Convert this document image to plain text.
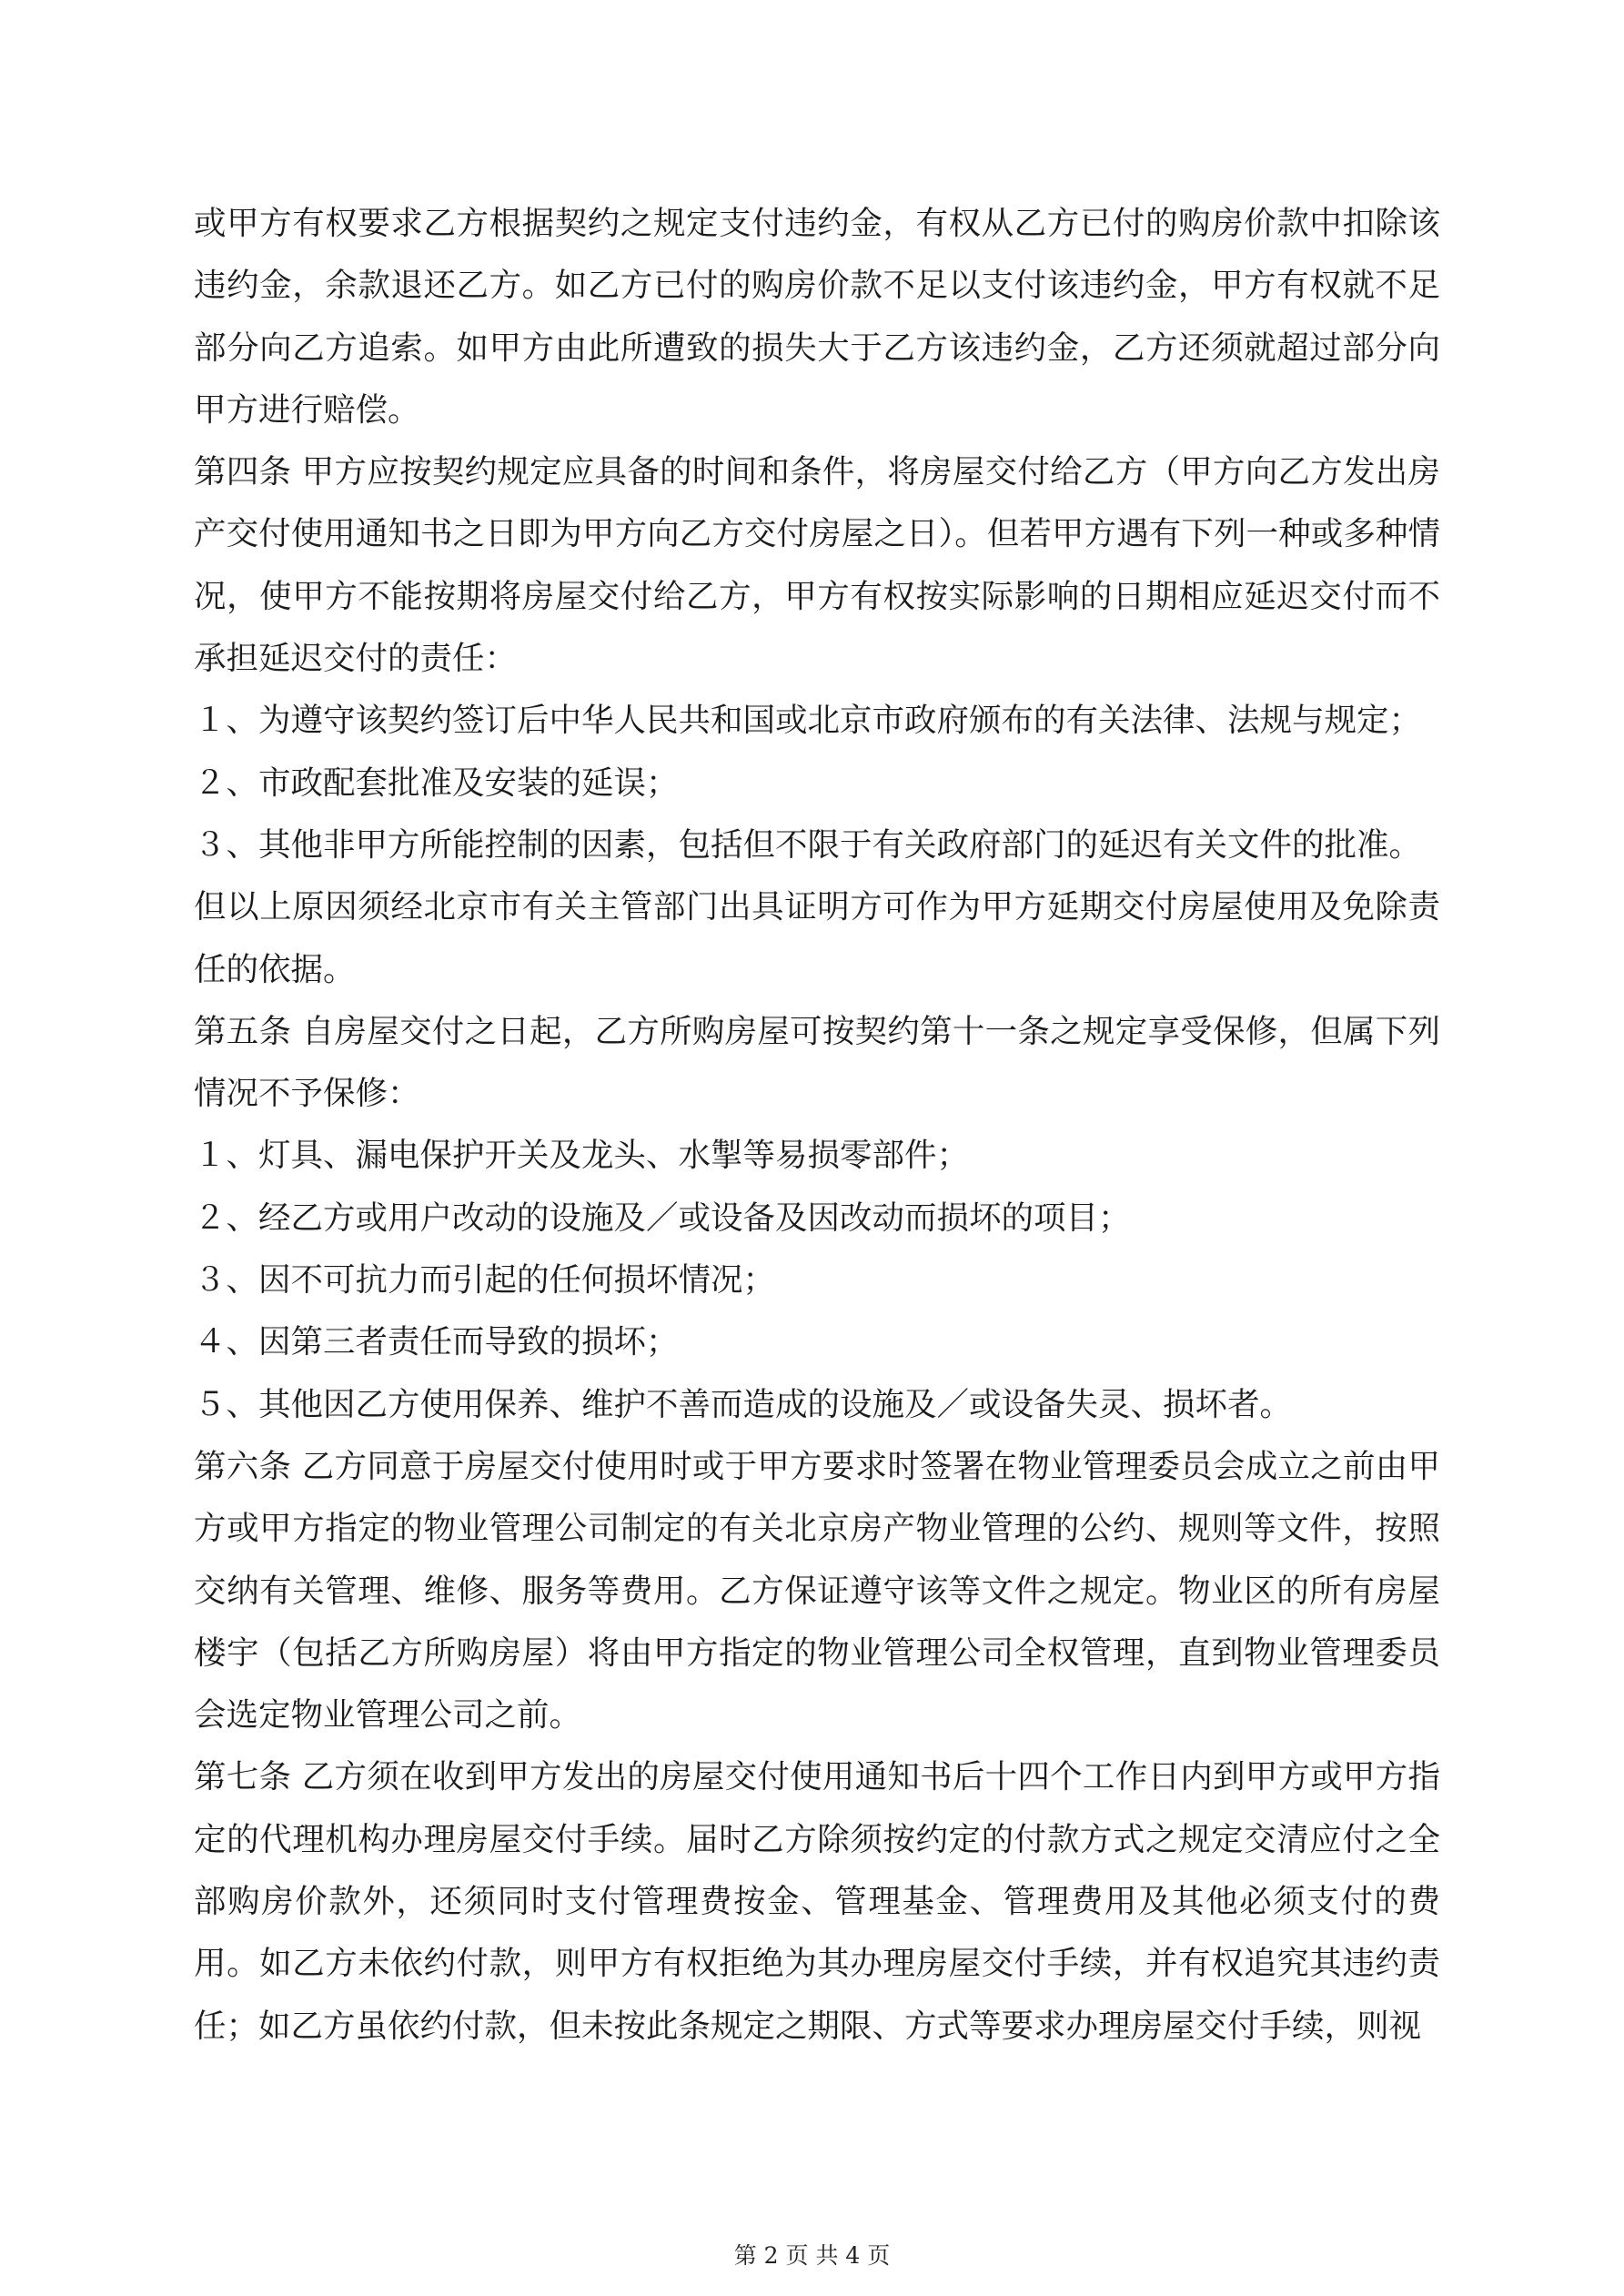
或甲方有权要求乙方根据契约之规定支付违约金，有权从乙方已付的购房价款中扣除该违约金，余款退还乙方。如乙方已付的购房价款不足以支付该违约金，甲方有权就不足部分向乙方追索。如甲方由此所遭致的损失大于乙方该违约金，乙方还须就超过部分向甲方进行赔偿。

第四条 甲方应按契约规定应具备的时间和条件，将房屋交付给乙方（甲方向乙方发出房产交付使用通知书之日即为甲方向乙方交付房屋之日）。但若甲方遇有下列一种或多种情况，使甲方不能按期将房屋交付给乙方，甲方有权按实际影响的日期相应延迟交付而不承担延迟交付的责任：

１、为遵守该契约签订后中华人民共和国或北京市政府颁布的有关法律、法规与规定；

２、市政配套批准及安装的延误；

３、其他非甲方所能控制的因素，包括但不限于有关政府部门的延迟有关文件的批准。

但以上原因须经北京市有关主管部门出具证明方可作为甲方延期交付房屋使用及免除责任的依据。

第五条 自房屋交付之日起，乙方所购房屋可按契约第十一条之规定享受保修，但属下列情况不予保修：

１、灯具、漏电保护开关及龙头、水掣等易损零部件；

２、经乙方或用户改动的设施及／或设备及因改动而损坏的项目；

３、因不可抗力而引起的任何损坏情况；

４、因第三者责任而导致的损坏；

５、其他因乙方使用保养、维护不善而造成的设施及／或设备失灵、损坏者。

第六条 乙方同意于房屋交付使用时或于甲方要求时签署在物业管理委员会成立之前由甲方或甲方指定的物业管理公司制定的有关北京房产物业管理的公约、规则等文件，按照交纳有关管理、维修、服务等费用。乙方保证遵守该等文件之规定。物业区的所有房屋楼宇（包括乙方所购房屋）将由甲方指定的物业管理公司全权管理，直到物业管理委员会选定物业管理公司之前。

第七条 乙方须在收到甲方发出的房屋交付使用通知书后十四个工作日内到甲方或甲方指定的代理机构办理房屋交付手续。届时乙方除须按约定的付款方式之规定交清应付之全部购房价款外，还须同时支付管理费按金、管理基金、管理费用及其他必须支付的费用。如乙方未依约付款，则甲方有权拒绝为其办理房屋交付手续，并有权追究其违约责任；如乙方虽依约付款，但未按此条规定之期限、方式等要求办理房屋交付手续，则视

第 2 页 共 4 页
